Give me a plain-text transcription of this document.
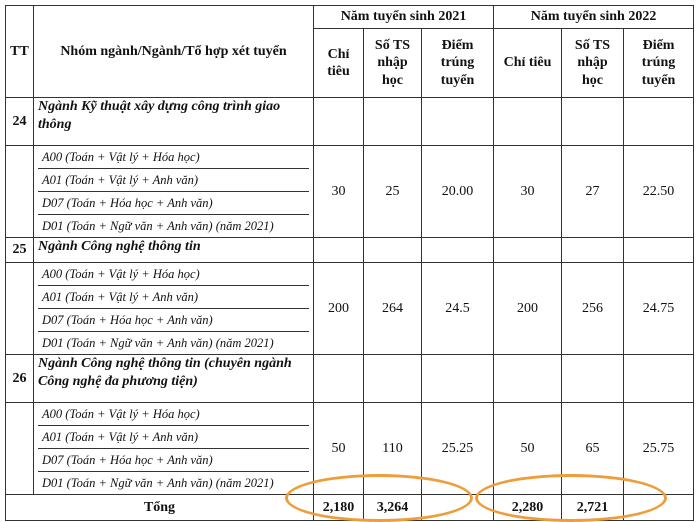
TT	Nhóm ngành/Ngành/Tổ hợp xét tuyển	Năm tuyển sinh 2021			Năm tuyển sinh 2022		
		Chỉ tiêu	Số TS nhập học	Điểm trúng tuyển	Chỉ tiêu	Số TS nhập học	Điểm trúng tuyển
24	Ngành Kỹ thuật xây dựng công trình giao thông						

	A00 (Toán + Vật lý + Hóa học)
A01 (Toán + Vật lý + Anh văn)
D07 (Toán + Hóa học + Anh văn)
D01 (Toán + Ngữ văn + Anh văn) (năm 2021)	30	25	20.00	30	27	22.50
25	Ngành Công nghệ thông tin						

	A00 (Toán + Vật lý + Hóa học)
A01 (Toán + Vật lý + Anh văn)
D07 (Toán + Hóa học + Anh văn)
D01 (Toán + Ngữ văn + Anh văn) (năm 2021)	200	264	24.5	200	256	24.75
26	Ngành Công nghệ thông tin (chuyên ngành Công nghệ đa phương tiện)						

	A00 (Toán + Vật lý + Hóa học)
A01 (Toán + Vật lý + Anh văn)
D07 (Toán + Hóa học + Anh văn)
D01 (Toán + Ngữ văn + Anh văn) (năm 2021)	50	110	25.25	50	65	25.75
Tổng		2,180	3,264		2,280	2,721	
